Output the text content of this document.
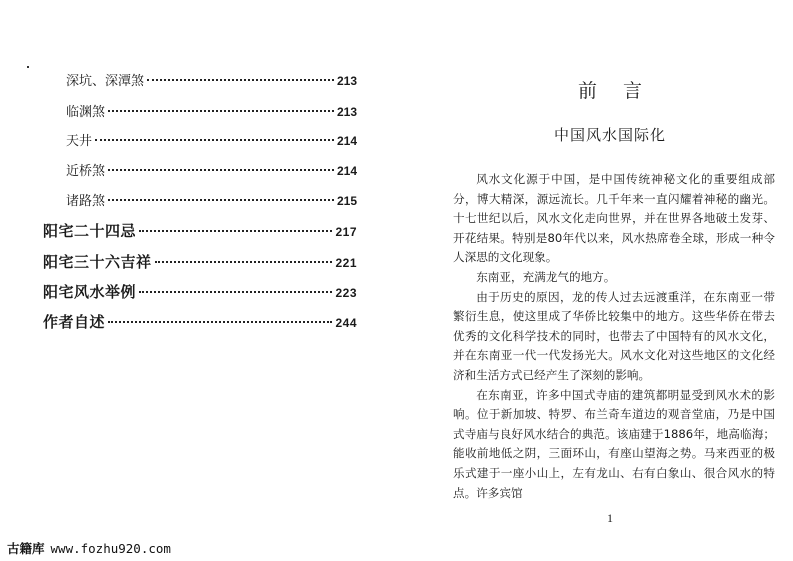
深坑、深潭煞	213
临渊煞	213
天井	214
近桥煞	214
诸路煞	215
阳宅二十四忌	217
阳宅三十六吉祥	221
阳宅风水举例	223
作者自述	244
前言
中国风水国际化

风水文化源于中国，是中国传统神秘文化的重要组成部分，博大精深，源远流长。几千年来一直闪耀着神秘的幽光。十七世纪以后，风水文化走向世界，并在世界各地破土发芽、开花结果。特别是80年代以来，风水热席卷全球，形成一种令人深思的文化现象。

东南亚，充满龙气的地方。

由于历史的原因，龙的传人过去远渡重洋，在东南亚一带繁衍生息，使这里成了华侨比较集中的地方。这些华侨在带去优秀的文化科学技术的同时，也带去了中国特有的风水文化，并在东南亚一代一代发扬光大。风水文化对这些地区的文化经济和生活方式已经产生了深刻的影响。

在东南亚，许多中国式寺庙的建筑都明显受到风水术的影响。位于新加坡、特罗、布兰奇车道边的观音堂庙，乃是中国式寺庙与良好风水结合的典范。该庙建于1886年，地高临海；能收前地低之阴，三面环山，有座山望海之势。马来西亚的极乐式建于一座小山上，左有龙山、右有白象山、很合风水的特点。许多宾馆

1
古籍库 www.fozhu920.com
